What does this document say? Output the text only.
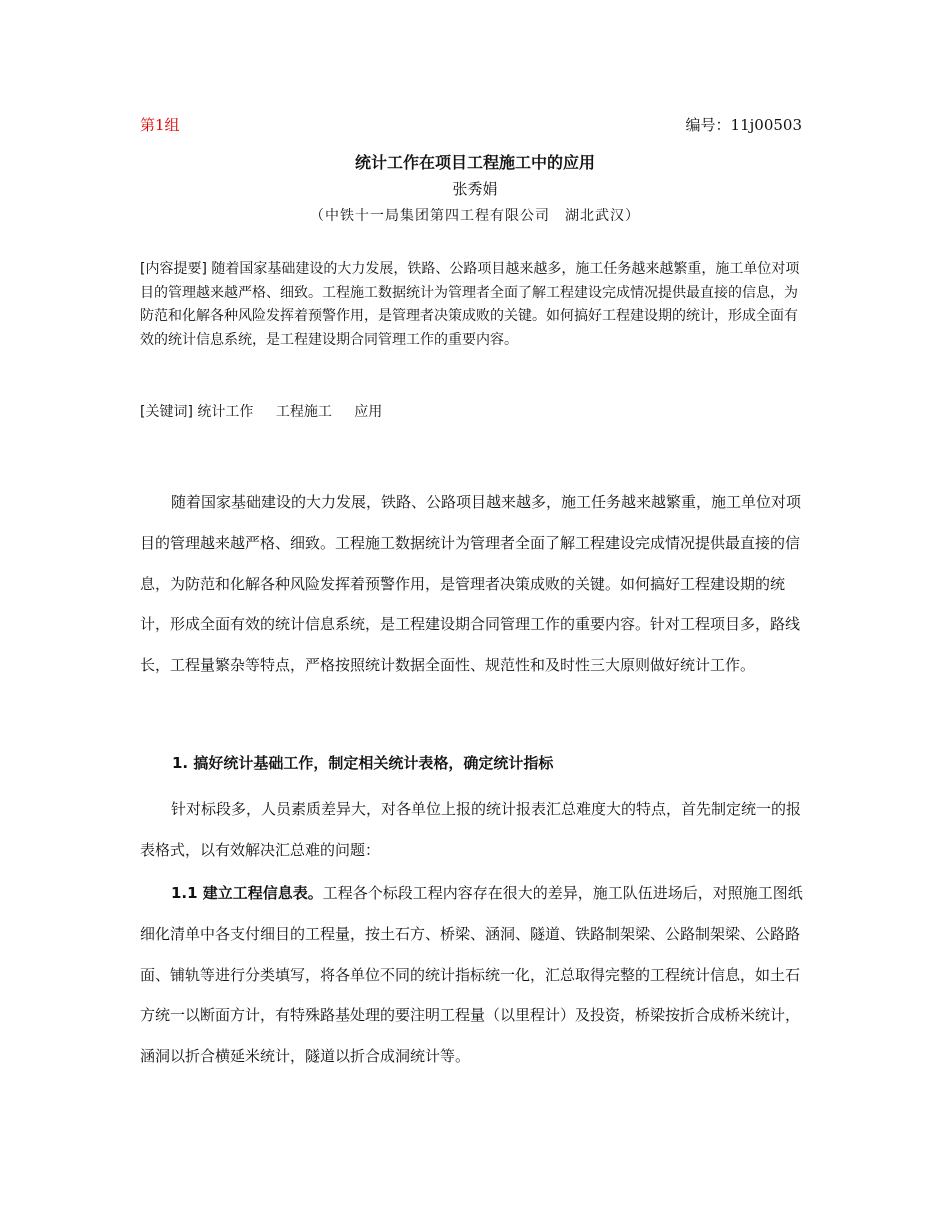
第1组	编号：11j00503
统计工作在项目工程施工中的应用
张秀娟
（中铁十一局集团第四工程有限公司　湖北武汉）
[内容提要] 随着国家基础建设的大力发展，铁路、公路项目越来越多，施工任务越来越繁重，施工单位对项目的管理越来越严格、细致。工程施工数据统计为管理者全面了解工程建设完成情况提供最直接的信息，为防范和化解各种风险发挥着预警作用，是管理者决策成败的关键。如何搞好工程建设期的统计，形成全面有效的统计信息系统，是工程建设期合同管理工作的重要内容。
[关键词] 统计工作 工程施工 应用
随着国家基础建设的大力发展，铁路、公路项目越来越多，施工任务越来越繁重，施工单位对项目的管理越来越严格、细致。工程施工数据统计为管理者全面了解工程建设完成情况提供最直接的信息，为防范和化解各种风险发挥着预警作用，是管理者决策成败的关键。如何搞好工程建设期的统计，形成全面有效的统计信息系统，是工程建设期合同管理工作的重要内容。针对工程项目多，路线长，工程量繁杂等特点，严格按照统计数据全面性、规范性和及时性三大原则做好统计工作。
1. 搞好统计基础工作，制定相关统计表格，确定统计指标
针对标段多，人员素质差异大，对各单位上报的统计报表汇总难度大的特点，首先制定统一的报表格式，以有效解决汇总难的问题：
1.1 建立工程信息表。工程各个标段工程内容存在很大的差异，施工队伍进场后，对照施工图纸细化清单中各支付细目的工程量，按土石方、桥梁、涵洞、隧道、铁路制架梁、公路制架梁、公路路面、铺轨等进行分类填写，将各单位不同的统计指标统一化，汇总取得完整的工程统计信息，如土石方统一以断面方计，有特殊路基处理的要注明工程量（以里程计）及投资，桥梁按折合成桥米统计，涵洞以折合横延米统计，隧道以折合成洞统计等。
